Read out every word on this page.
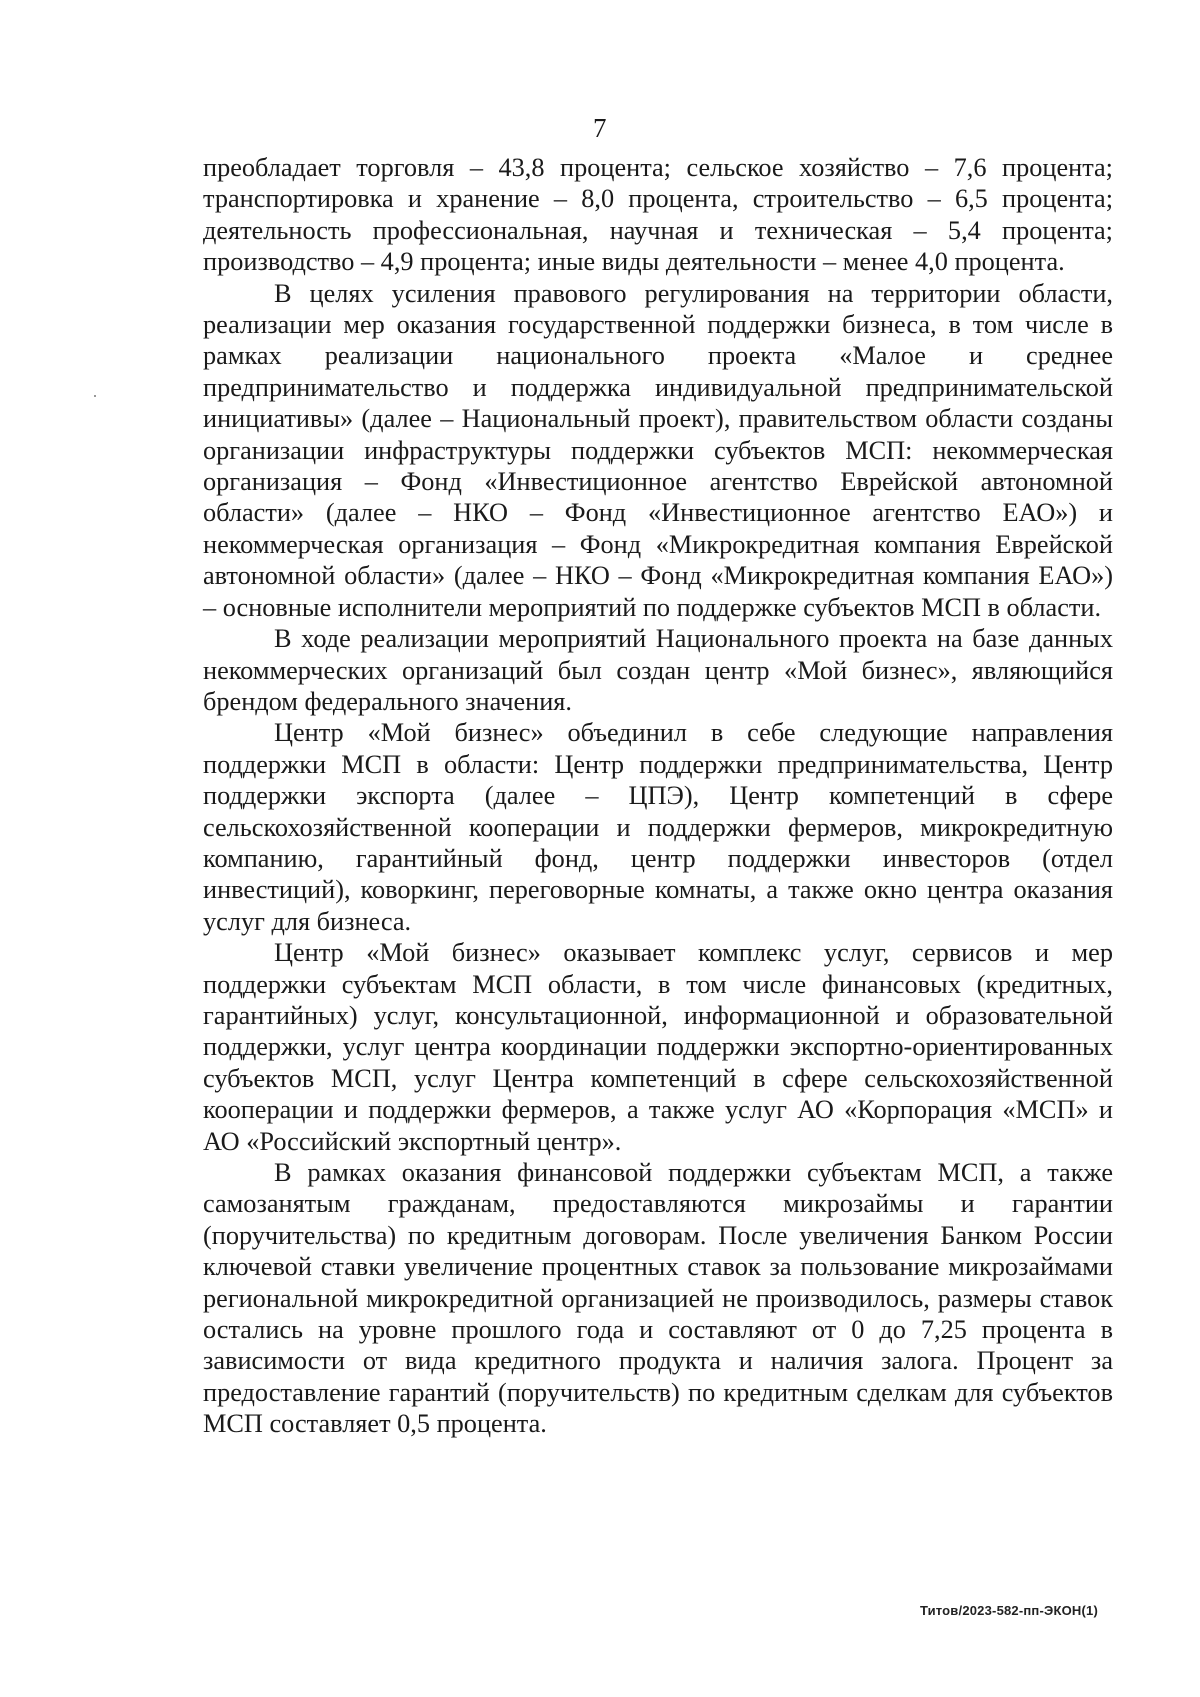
7

преобладает торговля – 43,8 процента; сельское хозяйство – 7,6 процента; транспортировка и хранение – 8,0 процента, строительство – 6,5 процента; деятельность профессиональная, научная и техническая – 5,4 процента; производство – 4,9 процента; иные виды деятельности – менее 4,0 процента.

В целях усиления правового регулирования на территории области, реализации мер оказания государственной поддержки бизнеса, в том числе в рамках реализации национального проекта «Малое и среднее предпринимательство и поддержка индивидуальной предпринимательской инициативы» (далее – Национальный проект), правительством области созданы организации инфраструктуры поддержки субъектов МСП: некоммерческая организация – Фонд «Инвестиционное агентство Еврейской автономной области» (далее – НКО – Фонд «Инвестиционное агентство ЕАО») и некоммерческая организация – Фонд «Микрокредитная компания Еврейской автономной области» (далее – НКО – Фонд «Микрокредитная компания ЕАО») – основные исполнители мероприятий по поддержке субъектов МСП в области.

В ходе реализации мероприятий Национального проекта на базе данных некоммерческих организаций был создан центр «Мой бизнес», являющийся брендом федерального значения.

Центр «Мой бизнес» объединил в себе следующие направления поддержки МСП в области: Центр поддержки предпринимательства, Центр поддержки экспорта (далее – ЦПЭ), Центр компетенций в сфере сельскохозяйственной кооперации и поддержки фермеров, микрокредитную компанию, гарантийный фонд, центр поддержки инвесторов (отдел инвестиций), коворкинг, переговорные комнаты, а также окно центра оказания услуг для бизнеса.

Центр «Мой бизнес» оказывает комплекс услуг, сервисов и мер поддержки субъектам МСП области, в том числе финансовых (кредитных, гарантийных) услуг, консультационной, информационной и образовательной поддержки, услуг центра координации поддержки экспортно-ориентированных субъектов МСП, услуг Центра компетенций в сфере сельскохозяйственной кооперации и поддержки фермеров, а также услуг АО «Корпорация «МСП» и АО «Российский экспортный центр».

В рамках оказания финансовой поддержки субъектам МСП, а также самозанятым гражданам, предоставляются микрозаймы и гарантии (поручительства) по кредитным договорам. После увеличения Банком России ключевой ставки увеличение процентных ставок за пользование микрозаймами региональной микрокредитной организацией не производилось, размеры ставок остались на уровне прошлого года и составляют от 0 до 7,25 процента в зависимости от вида кредитного продукта и наличия залога. Процент за предоставление гарантий (поручительств) по кредитным сделкам для субъектов МСП составляет 0,5 процента.

Титов/2023-582-пп-ЭКОН(1)
